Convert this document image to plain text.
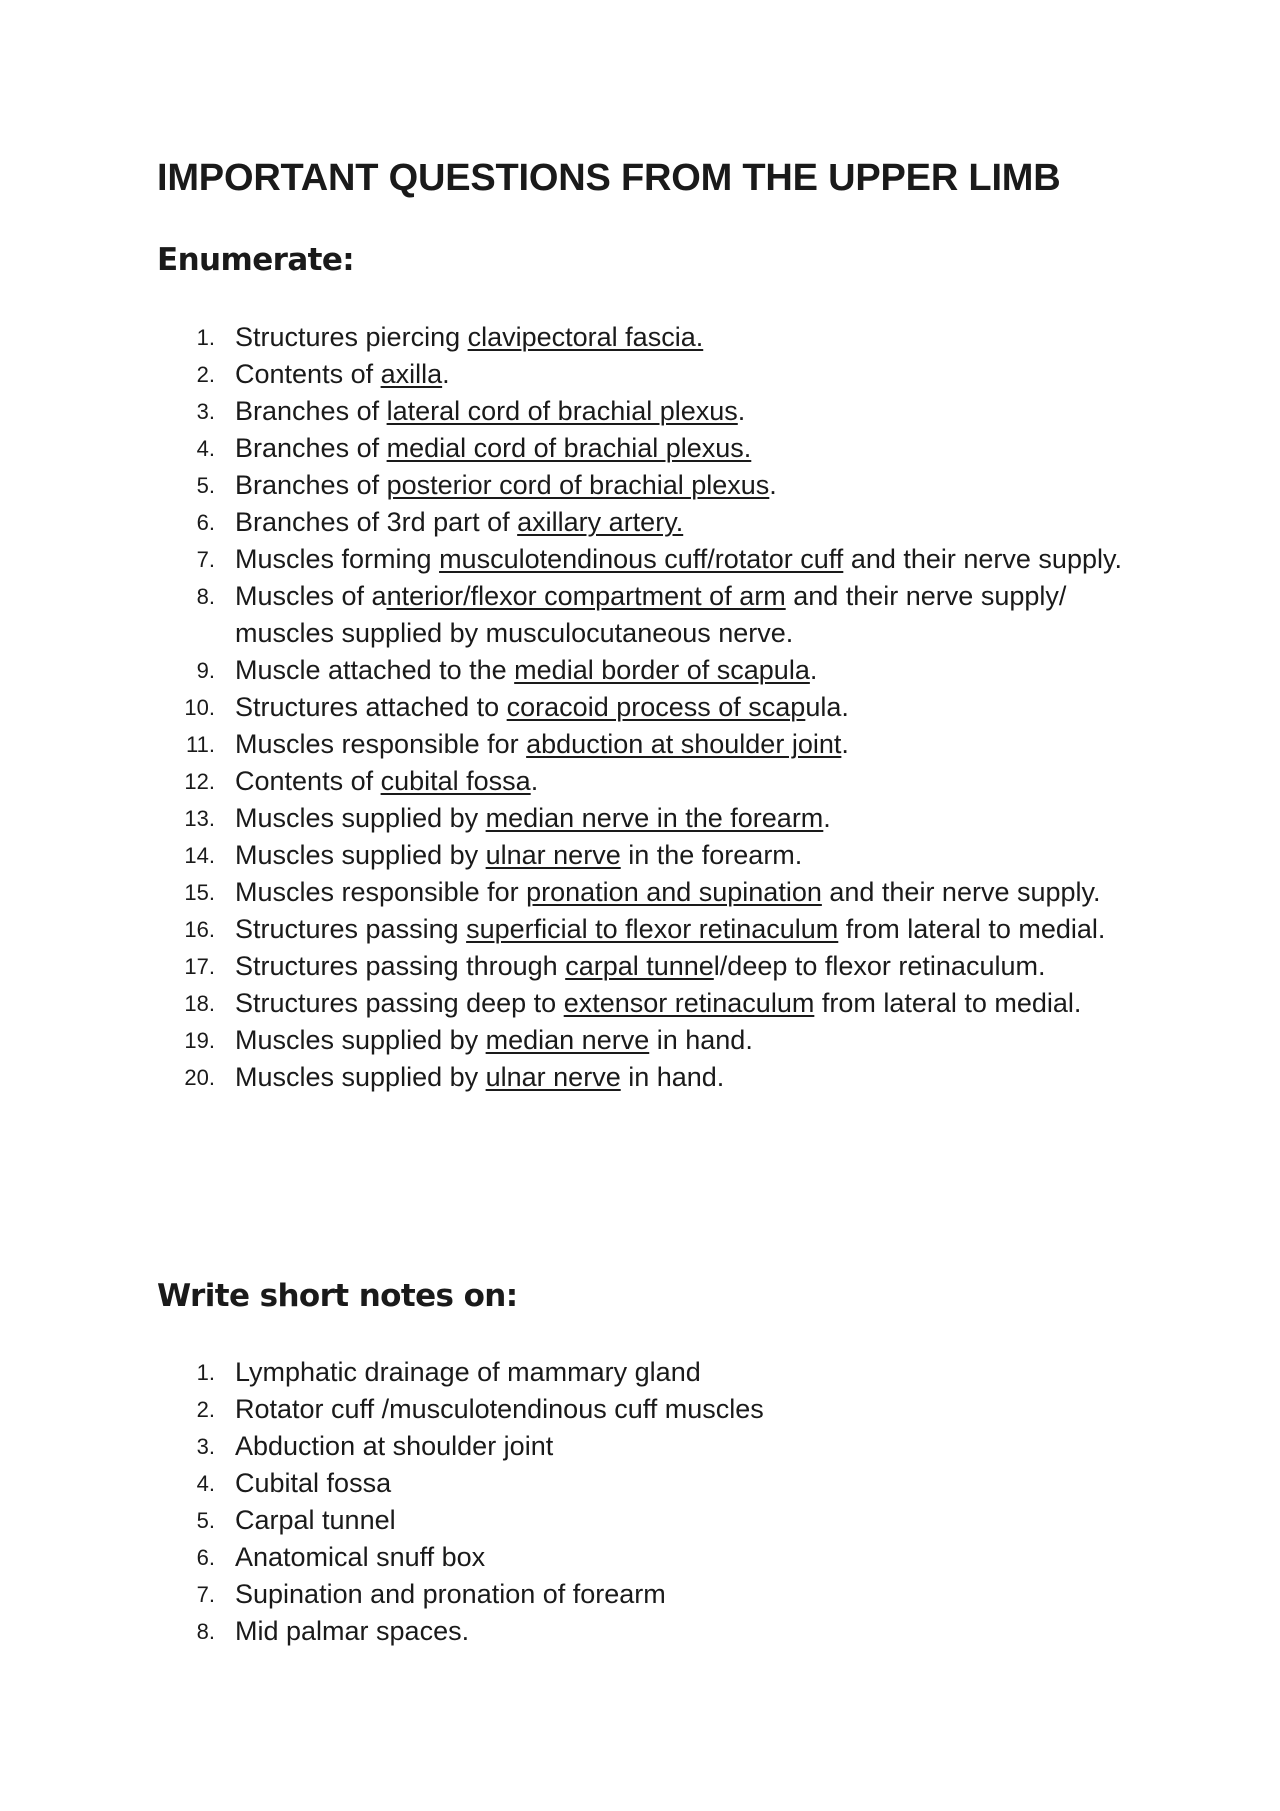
IMPORTANT QUESTIONS FROM THE UPPER LIMB
Enumerate:
1. Structures piercing clavipectoral fascia.
2. Contents of axilla.
3. Branches of lateral cord of brachial plexus.
4. Branches of medial cord of brachial plexus.
5. Branches of posterior cord of brachial plexus.
6. Branches of 3rd part of axillary artery.
7. Muscles forming musculotendinous cuff/rotator cuff and their nerve supply.
8. Muscles of anterior/flexor compartment of arm and their nerve supply/ muscles supplied by musculocutaneous nerve.
9. Muscle attached to the medial border of scapula.
10. Structures attached to coracoid process of scapula.
11. Muscles responsible for abduction at shoulder joint.
12. Contents of cubital fossa.
13. Muscles supplied by median nerve in the forearm.
14. Muscles supplied by ulnar nerve in the forearm.
15. Muscles responsible for pronation and supination and their nerve supply.
16. Structures passing superficial to flexor retinaculum from lateral to medial.
17. Structures passing through carpal tunnel/deep to flexor retinaculum.
18. Structures passing deep to extensor retinaculum from lateral to medial.
19. Muscles supplied by median nerve in hand.
20. Muscles supplied by ulnar nerve in hand.
Write short notes on:
1. Lymphatic drainage of mammary gland
2. Rotator cuff /musculotendinous cuff muscles
3. Abduction at shoulder joint
4. Cubital fossa
5. Carpal tunnel
6. Anatomical snuff box
7. Supination and pronation of forearm
8. Mid palmar spaces.
